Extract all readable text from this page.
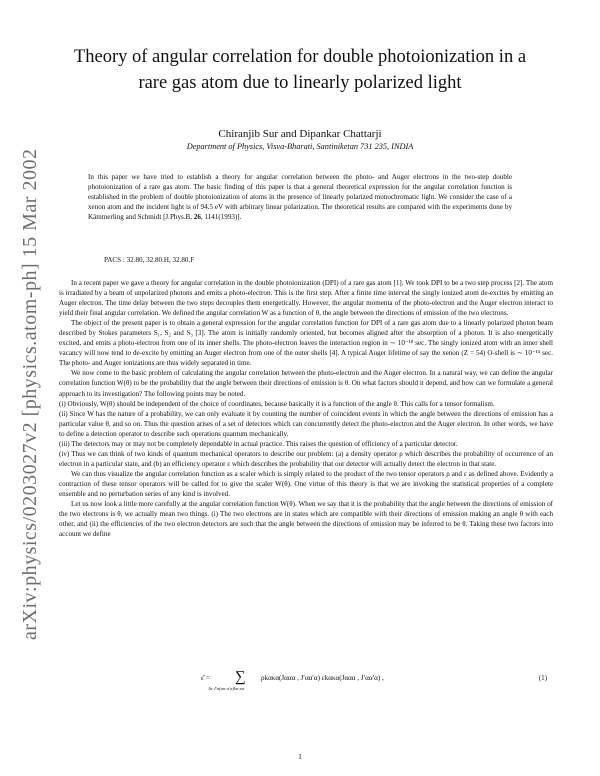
arXiv:physics/0203027v2 [physics.atom-ph] 15 Mar 2002
Theory of angular correlation for double photoionization in a rare gas atom due to linearly polarized light
Chiranjib Sur and Dipankar Chattarji
Department of Physics, Visva-Bharati, Santiniketan 731 235, INDIA

In this paper we have tried to establish a theory for angular correlation between the photo- and Auger electrons in the two-step double photoionization of a rare gas atom. The basic finding of this paper is that a general theoretical expression for the angular correlation function is established in the problem of double photoionization of atoms in the presence of linearly polarized monochromatic light. We consider the case of a xenon atom and the incident light is of 94.5 eV with arbitrary linear polarization. The theoretical results are compared with the experiments done by Kämmerling and Schmidt [J.Phys.B, 26, 1141(1993)].

PACS : 32.80, 32.80.H, 32.80.F

In a recent paper we gave a theory for angular correlation in the double photoionization (DPI) of a rare gas atom [1]. We took DPI to be a two step process [2]. The atom is irradiated by a beam of unpolarized photons and emits a photo-electron. This is the first step. After a finite time interval the singly ionized atom de-excites by emitting an Auger electron. The time delay between the two steps decouples them energetically. However, the angular momenta of the photo-electron and the Auger electron interact to yield their final angular correlation. We defined the angular correlation W as a function of θ, the angle between the directions of emission of the two electrons.

The object of the present paper is to obtain a general expression for the angular correlation function for DPI of a rare gas atom due to a linearly polarized photon beam described by Stokes parameters S₁, S₂ and S₃ [3]. The atom is initially randomly oriented, but becomes aligned after the absorption of a photon. It is also energetically excited, and emits a photo-electron from one of its inner shells. The photo-electron leaves the interaction region in ∼ 10⁻¹⁸ sec. The singly ionized atom with an inner shell vacancy will now tend to de-excite by emitting an Auger electron from one of the outer shells [4]. A typical Auger lifetime of say the xenon (Z = 54) O-shell is ∼ 10⁻¹⁵ sec. The photo- and Auger ionizations are thus widely separated in time.

We now come to the basic problem of calculating the angular correlation between the photo-electron and the Auger electron. In a natural way, we can define the angular correlation function W(θ) to be the probability that the angle between their directions of emission is θ. On what factors should it depend, and how can we formulate a general approach to its investigation? The following points may be noted.

(i) Obviously, W(θ) should be independent of the choice of coordinates, because basically it is a function of the angle θ. This calls for a tensor formalism.

(ii) Since W has the nature of a probability, we can only evaluate it by counting the number of coincident events in which the angle between the directions of emission has a particular value θ, and so on. Thus the question arises of a set of detectors which can concurrently detect the photo-electron and the Auger electron. In other words, we have to define a detection operator to describe such operations quantum mechanically.

(iii) The detectors may or may not be completely dependable in actual practice. This raises the question of efficiency of a particular detector.

(iv) Thus we can think of two kinds of quantum mechanical operators to describe our problem: (a) a density operator ρ which describes the probability of occurrence of an electron in a particular state, and (b) an efficiency operator ε which describes the probability that our detector will actually detect the electron in that state.

We can thus visualize the angular correlation function as a scaler which is simply related to the product of the two tensor operators ρ and ε as defined above. Evidently a contraction of these tensor operators will be called for to give the scaler W(θ). One virtue of this theory is that we are invoking the statistical properties of a complete ensemble and no perturbation series of any kind is involved.

Let us now look a little more carefully at the angular correlation function W(θ). When we say that it is the probability that the angle between the directions of emission of the two electrons is θ, we actually mean two things. (i) The two electrons are in states which are compatible with their directions of emission making an angle θ with each other, and (ii) the efficiencies of the two electron detectors are such that the angle between the directions of emission may be inferred to be θ. Taking these two factors into account we define

ε̄ = ∑
Jα J′α(αα α′α)kα κα
ρkακα(Jααα , J′αα′α) εkακα(Jααα , J′αα′α) ,	(1)
1
